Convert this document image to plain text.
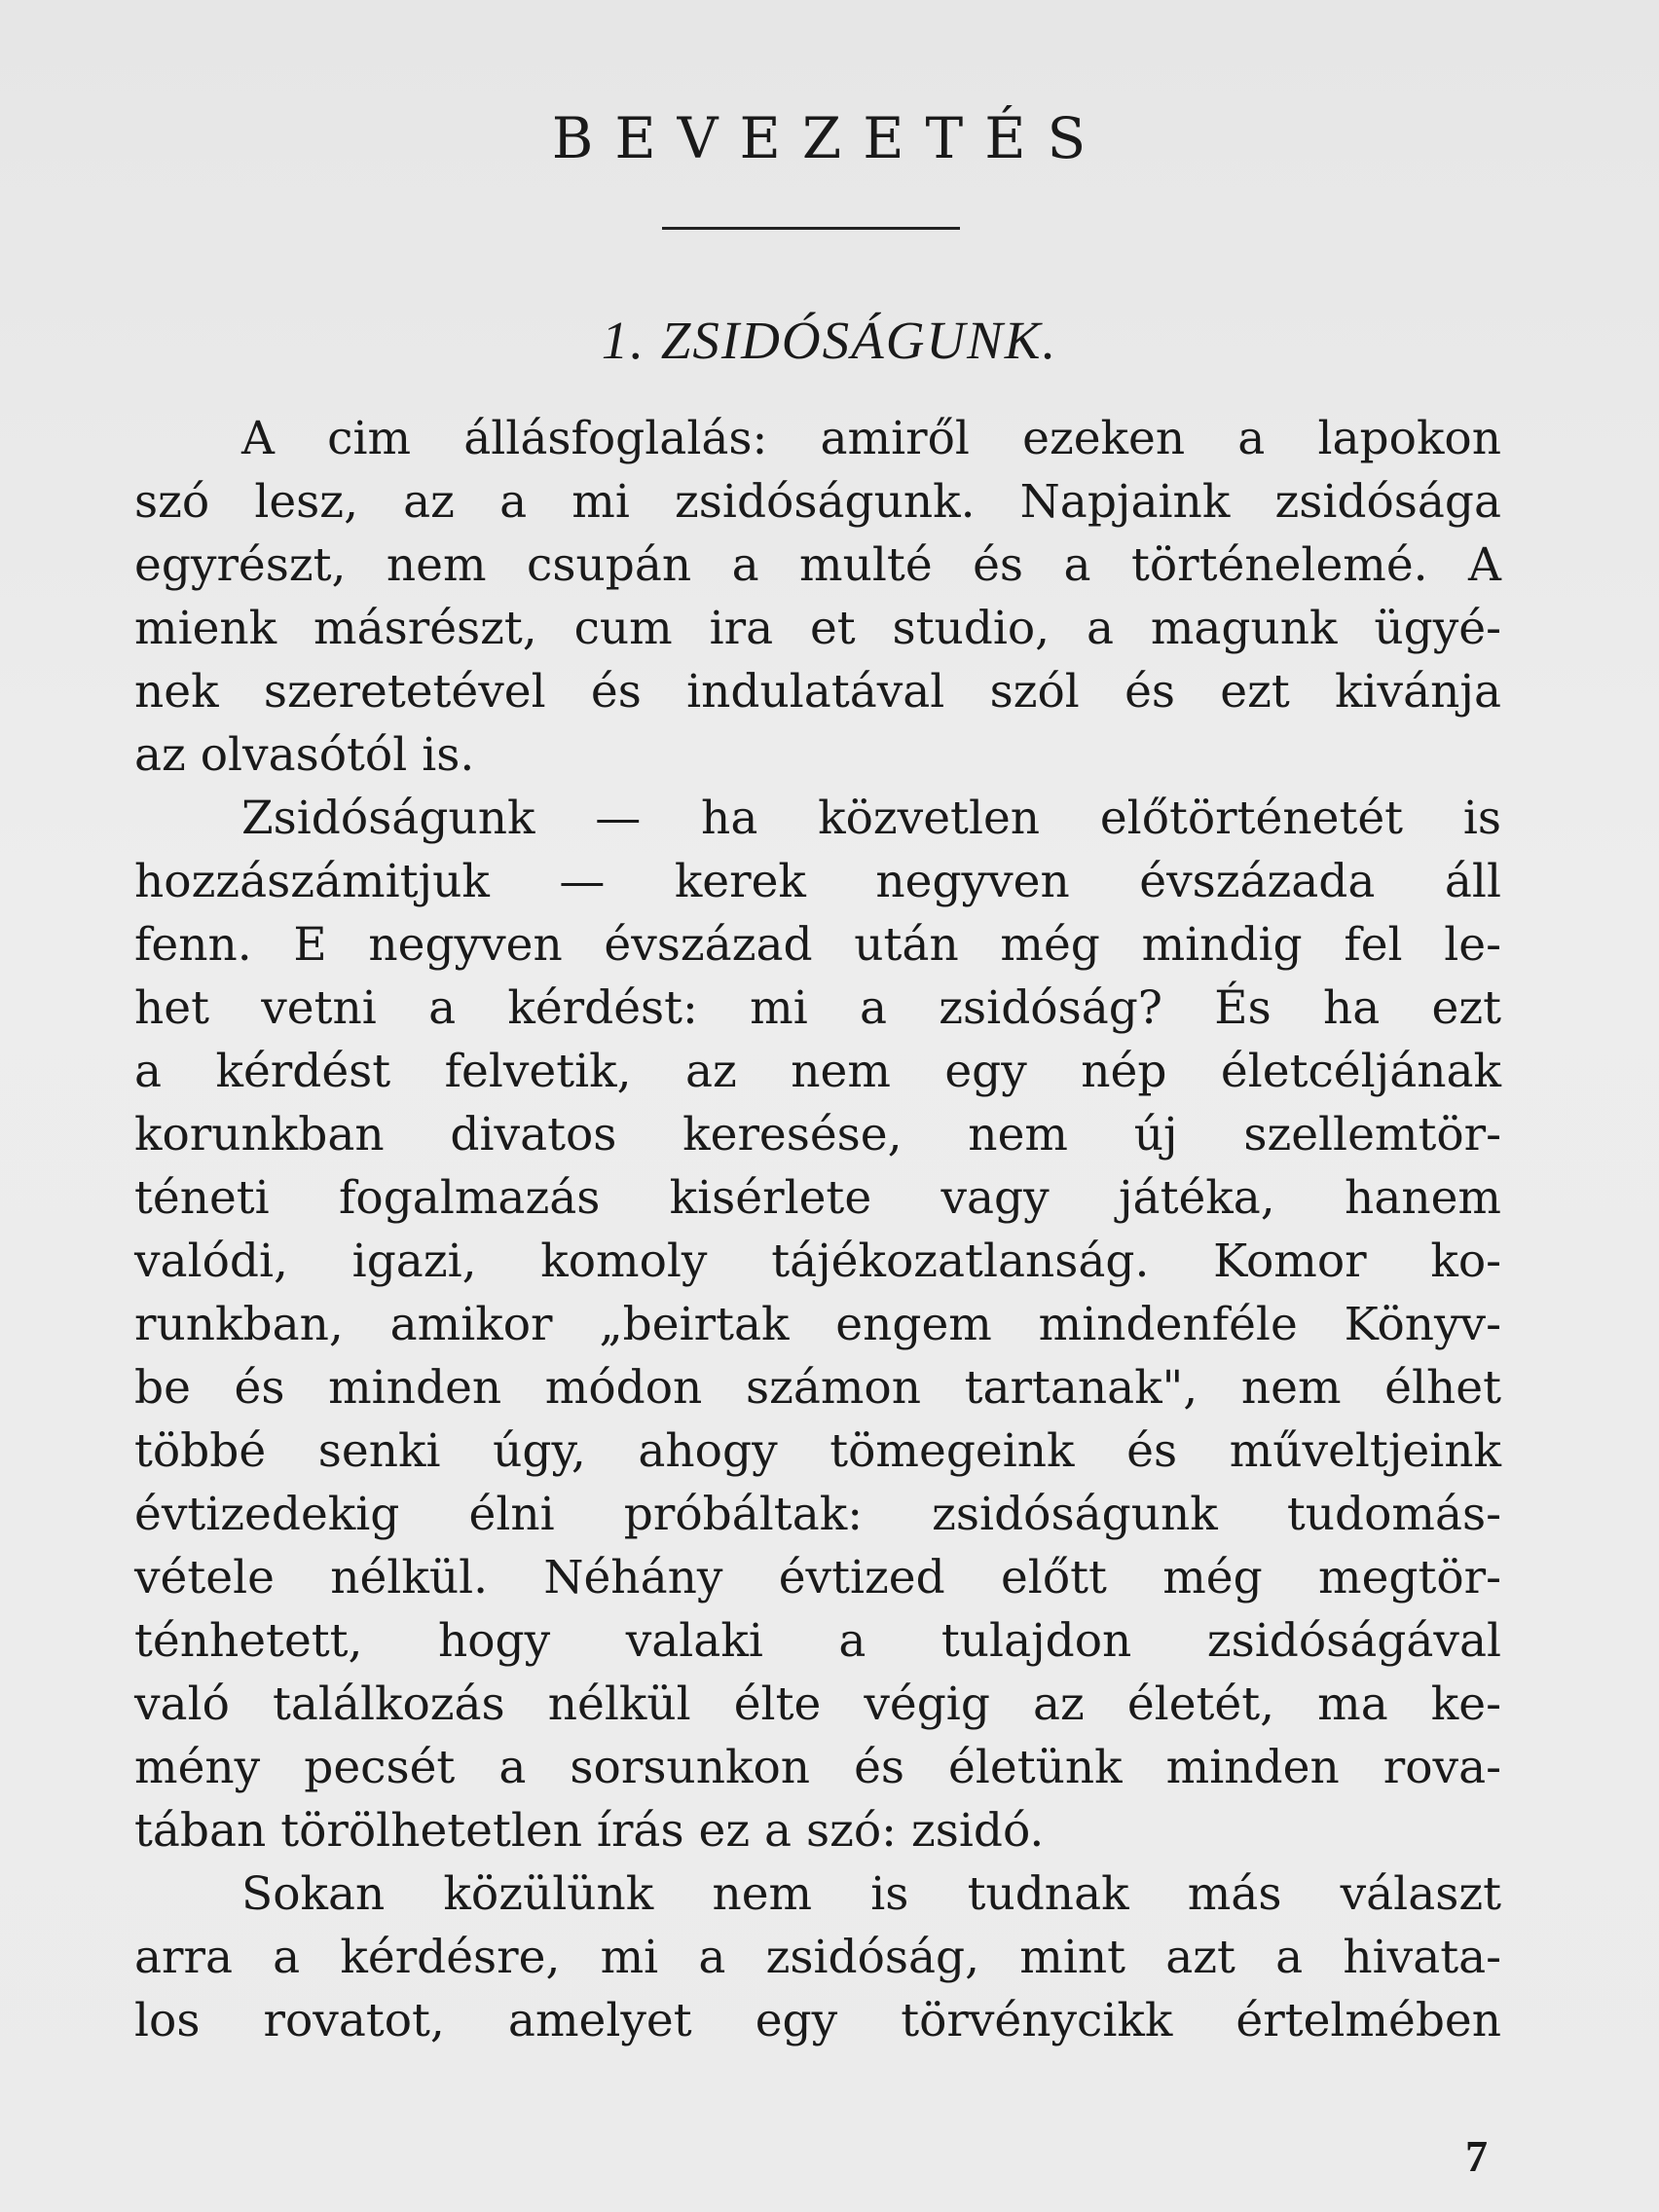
BEVEZETÉS
1. ZSIDÓSÁGUNK.
A cim állásfoglalás: amiről ezeken a lapokon
szó lesz, az a mi zsidóságunk. Napjaink zsidósága
egyrészt, nem csupán a multé és a történelemé. A
mienk másrészt, cum ira et studio, a magunk ügyé-
nek szeretetével és indulatával szól és ezt kivánja
az olvasótól is.
Zsidóságunk — ha közvetlen előtörténetét is
hozzászámitjuk — kerek negyven évszázada áll
fenn. E negyven évszázad után még mindig fel le-
het vetni a kérdést: mi a zsidóság? És ha ezt
a kérdést felvetik, az nem egy nép életcéljának
korunkban divatos keresése, nem új szellemtör-
téneti fogalmazás kisérlete vagy játéka, hanem
valódi, igazi, komoly tájékozatlanság. Komor ko-
runkban, amikor „beirtak engem mindenféle Könyv-
be és minden módon számon tartanak", nem élhet
többé senki úgy, ahogy tömegeink és műveltjeink
évtizedekig élni próbáltak: zsidóságunk tudomás-
vétele nélkül. Néhány évtized előtt még megtör-
ténhetett, hogy valaki a tulajdon zsidóságával
való találkozás nélkül élte végig az életét, ma ke-
mény pecsét a sorsunkon és életünk minden rova-
tában törölhetetlen írás ez a szó: zsidó.
Sokan közülünk nem is tudnak más választ
arra a kérdésre, mi a zsidóság, mint azt a hivata-
los rovatot, amelyet egy törvénycikk értelmében
7
